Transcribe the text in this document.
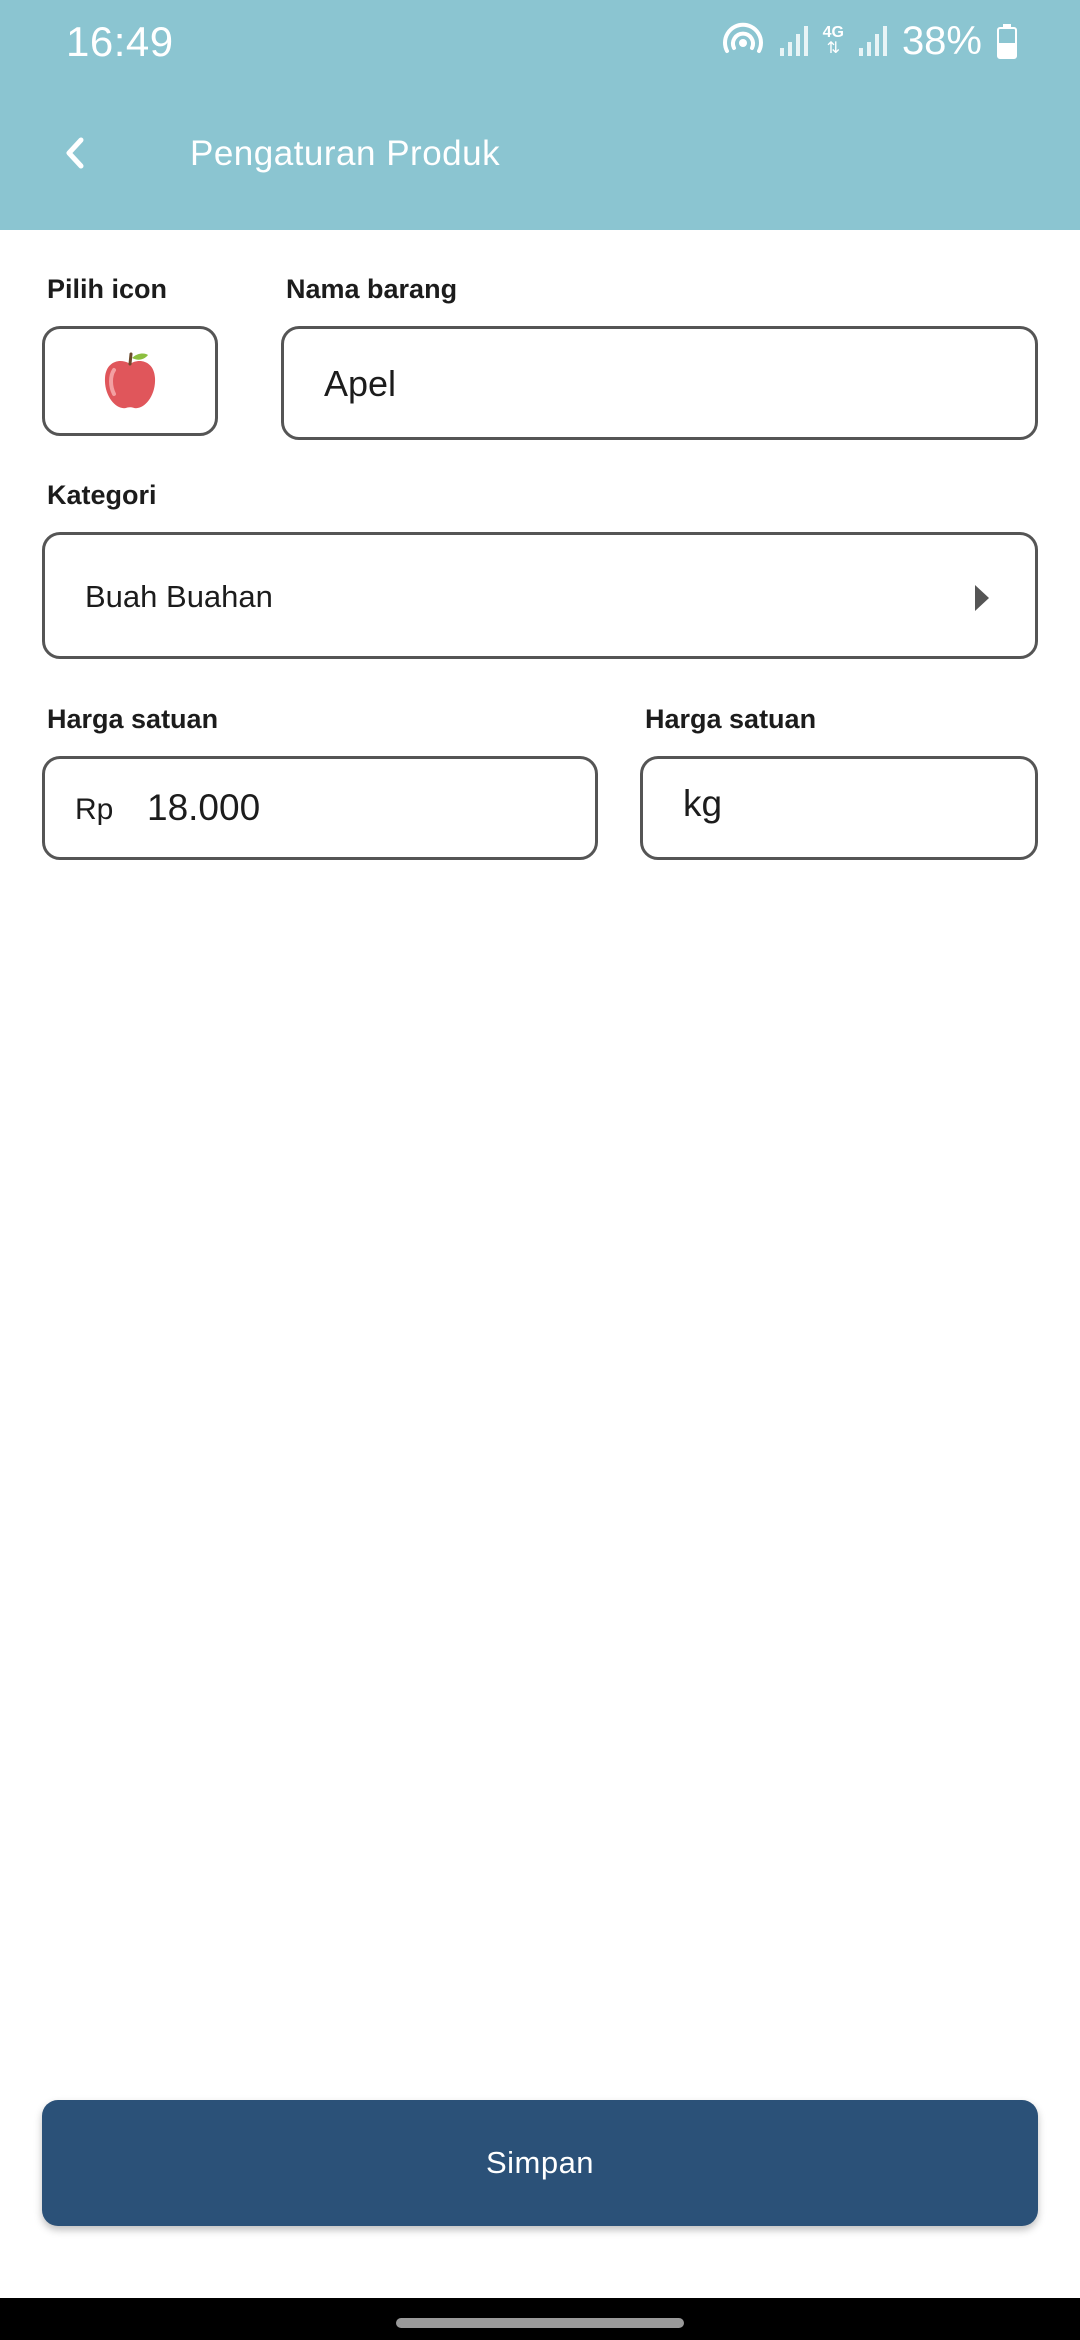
16:49	4G
⇅ 38%
Pengaturan Produk
Pilih icon	Nama barang
Apel
Kategori
Buah Buahan
Harga satuan
Rp 18.000
Harga satuan
kg
Simpan
